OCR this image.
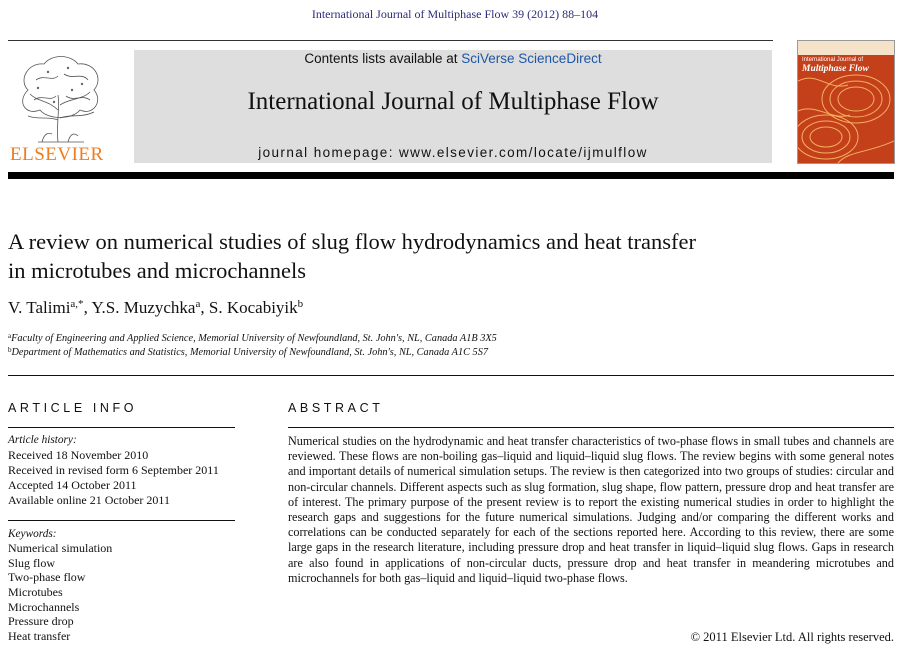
International Journal of Multiphase Flow 39 (2012) 88–104
ELSEVIER
Contents lists available at SciVerse ScienceDirect
International Journal of Multiphase Flow
journal homepage: www.elsevier.com/locate/ijmulflow
International Journal of
Multiphase Flow
A review on numerical studies of slug flow hydrodynamics and heat transfer
in microtubes and microchannels
V. Talimi$^{a,*}$, Y.S. Muzychka$^a$, S. Kocabiyik$^b$
$^a$Faculty of Engineering and Applied Science, Memorial University of Newfoundland, St. John's, NL, Canada A1B 3X5
$^b$Department of Mathematics and Statistics, Memorial University of Newfoundland, St. John's, NL, Canada A1C 5S7
ARTICLE INFO
Article history:
Received 18 November 2010
Received in revised form 6 September 2011
Accepted 14 October 2011
Available online 21 October 2011
Keywords:
Numerical simulation
Slug flow
Two-phase flow
Microtubes
Microchannels
Pressure drop
Heat transfer
ABSTRACT
Numerical studies on the hydrodynamic and heat transfer characteristics of two-phase flows in small tubes and channels are reviewed. These flows are non-boiling gas–liquid and liquid–liquid slug flows. The review begins with some general notes and important details of numerical simulation setups. The review is then categorized into two groups of studies: circular and non-circular channels. Different aspects such as slug formation, slug shape, flow pattern, pressure drop and heat transfer are of interest. The primary purpose of the present review is to report the existing numerical studies in order to highlight the research gaps and suggestions for the future numerical simulations. Judging and/or comparing the different works and correlations can be conducted separately for each of the sections reported here. According to this review, there are some large gaps in the research literature, including pressure drop and heat transfer in liquid–liquid slug flows. Gaps in research are also found in applications of non-circular ducts, pressure drop and heat transfer in meandering microtubes and microchannels for both gas–liquid and liquid–liquid two-phase flows.
© 2011 Elsevier Ltd. All rights reserved.
